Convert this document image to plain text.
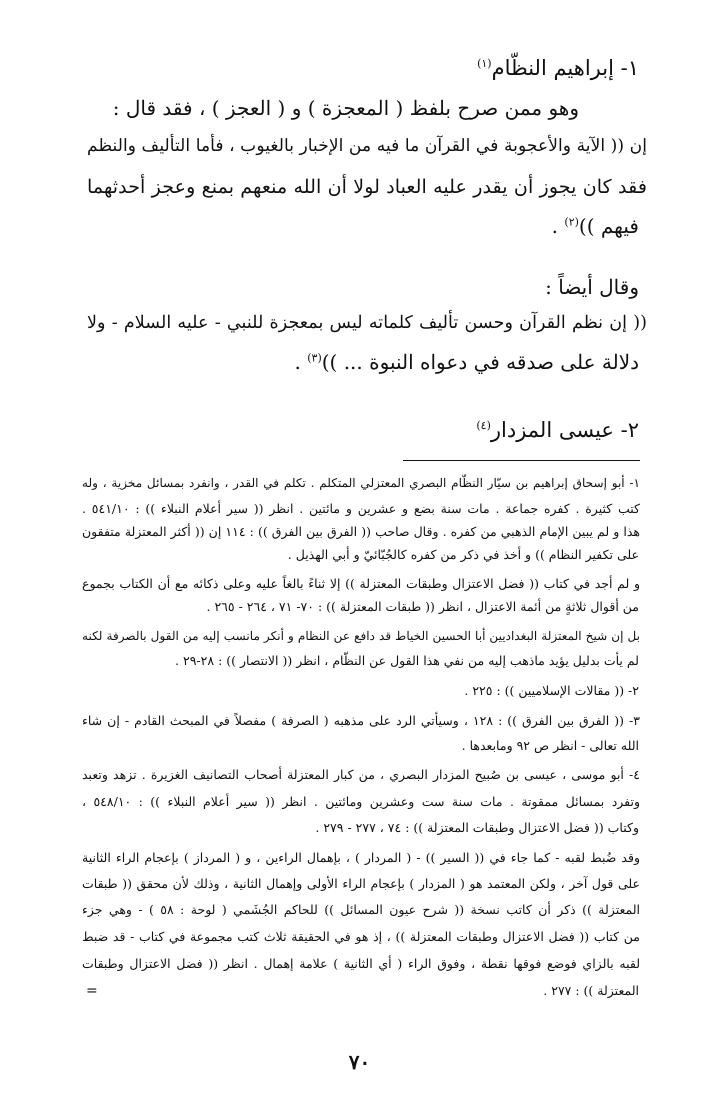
١- إبراهيم النظّام$^{(١)}$
وهو ممن صرح بلفظ ( المعجزة ) و ( العجز ) ، فقد قال :
إن (( الآية والأعجوبة في القرآن ما فيه من الإخبار بالغيوب ، فأما التأليف والنظم
فقد كان يجوز أن يقدر عليه العباد لولا أن الله منعهم بمنع وعجز أحدثهما
فيهم ))$^{(٢)}$ .
وقال أيضاً :
(( إن نظم القرآن وحسن تأليف كلماته ليس بمعجزة للنبي - عليه السلام - ولا
دلالة على صدقه في دعواه النبوة ... ))$^{(٣)}$ .
٢- عيسى المزدار$^{(٤)}$
١- أبو إسحاق إبراهيم بن سيّار النظّام البصري المعتزلي المتكلم . تكلم في القدر ، وانفرد بمسائل مخزية ، وله
كتب كثيرة . كفره جماعة . مات سنة بضع و عشرين و مائتين . انظر (( سير أعلام النبلاء )) : ٥٤١/١٠ .
هذا و لم يبين الإمام الذهبي من كفره . وقال صاحب (( الفرق بين الفرق )) : ١١٤ إن (( أكثر المعتزلة متفقون
على تكفير النظام )) و أخذ في ذكر من كفره كالجُبّائيّ و أبي الهذيل .
و لم أجد في كتاب (( فضل الاعتزال وطبقات المعتزلة )) إلا ثناءً بالغاً عليه وعلى ذكائه مع أن الكتاب بجموع
من أقوال ثلاثةٍ من أئمة الاعتزال ، انظر (( طبقات المعتزلة )) : ٧٠- ٧١ ، ٢٦٤ - ٢٦٥ .
بل إن شيخ المعتزلة البغداديين أبا الحسين الخياط قد دافع عن النظام و أنكر مانسب إليه من القول بالصرفة لكنه
لم يأت بدليل يؤيد ماذهب إليه من نفي هذا القول عن النظّام ، انظر (( الانتصار )) : ٢٨-٢٩ .
٢- (( مقالات الإسلاميين )) : ٢٢٥ .
٣- (( الفرق بين الفرق )) : ١٢٨ ، وسيأتي الرد على مذهبه ( الصرفة ) مفصلاً في المبحث القادم - إن شاء
الله تعالى - انظر ص ٩٢ ومابعدها .
٤- أبو موسى ، عيسى بن صُبيح المزدار البصري ، من كبار المعتزلة أصحاب التصانيف الغزيرة . تزهد وتعبد
وتفرد بمسائل ممقوتة . مات سنة ست وعشرين ومائتين . انظر (( سير أعلام النبلاء )) : ٥٤٨/١٠ ،
وكتاب (( فضل الاعتزال وطبقات المعتزلة )) : ٧٤ ، ٢٧٧ - ٢٧٩ .
وقد ضُبط لقبه - كما جاء في (( السير )) - ( المردار ) ، بإهمال الراءين ، و ( المرداز ) بإعجام الراء الثانية
على قول آخر ، ولكن المعتمد هو ( المزدار ) بإعجام الراء الأولى وإهمال الثانية ، وذلك لأن محقق (( طبقات
المعتزلة )) ذكر أن كاتب نسخة (( شرح عيون المسائل )) للحاكم الجُشَمي ( لوحة : ٥٨ ) - وهي جزء
من كتاب (( فضل الاعتزال وطبقات المعتزلة )) ، إذ هو في الحقيقة ثلاث كتب مجموعة في كتاب - قد ضبط
لقبه بالزاي فوضع فوقها نقطة ، وفوق الراء ( أي الثانية ) علامة إهمال . انظر (( فضل الاعتزال وطبقات
المعتزلة )) : ٢٧٧ .
=
٧٠
